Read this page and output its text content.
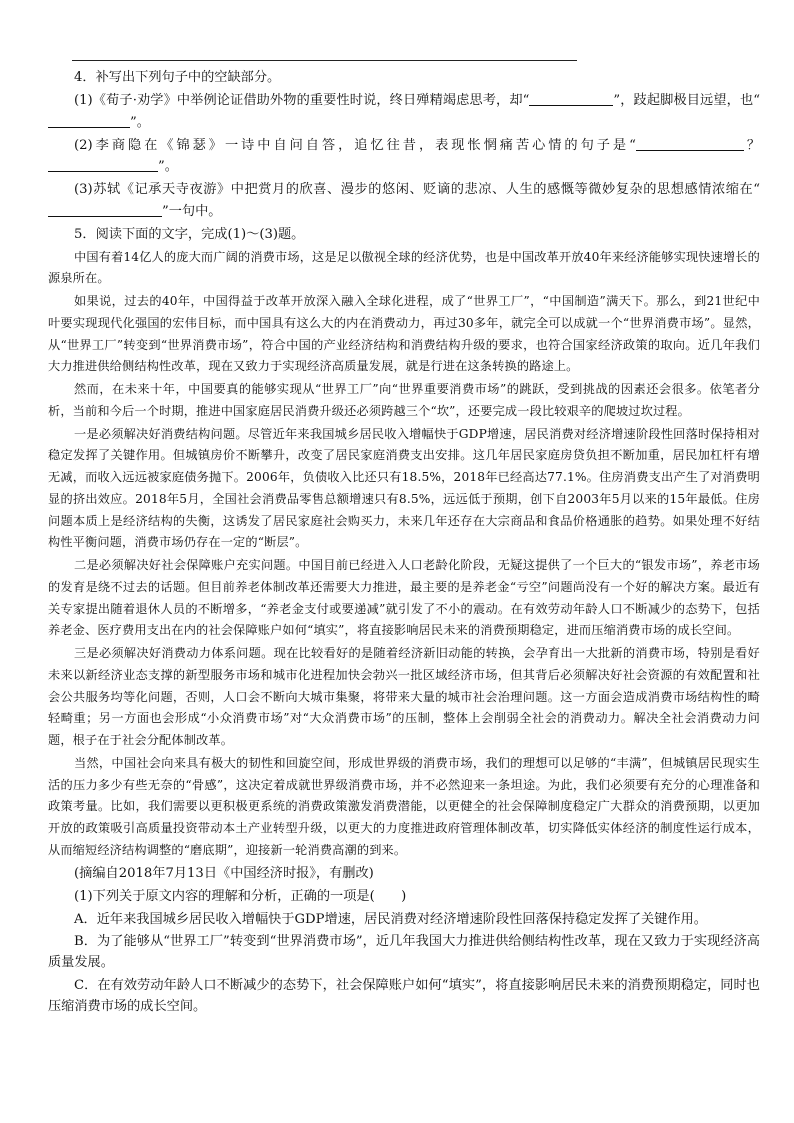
4．补写出下列句子中的空缺部分。

(1)《荀子·劝学》中举例论证借助外物的重要性时说，终日殚精竭虑思考，却“	”，跂起脚极目远望，也“”。

(2)李商隐在《锦瑟》一诗中自问自答，追忆往昔，表现怅惘痛苦心情的句子是“	？”。

(3)苏轼《记承天寺夜游》中把赏月的欣喜、漫步的悠闲、贬谪的悲凉、人生的感慨等微妙复杂的思想感情浓缩在“”一句中。

5．阅读下面的文字，完成(1)～(3)题。

中国有着14亿人的庞大而广阔的消费市场，这是足以傲视全球的经济优势，也是中国改革开放40年来经济能够实现快速增长的源泉所在。

如果说，过去的40年，中国得益于改革开放深入融入全球化进程，成了“世界工厂”，“中国制造”满天下。那么，到21世纪中叶要实现现代化强国的宏伟目标，而中国具有这么大的内在消费动力，再过30多年，就完全可以成就一个“世界消费市场”。显然，从“世界工厂”转变到“世界消费市场”，符合中国的产业经济结构和消费结构升级的要求，也符合国家经济政策的取向。近几年我们大力推进供给侧结构性改革，现在又致力于实现经济高质量发展，就是行进在这条转换的路途上。

然而，在未来十年，中国要真的能够实现从“世界工厂”向“世界重要消费市场”的跳跃，受到挑战的因素还会很多。依笔者分析，当前和今后一个时期，推进中国家庭居民消费升级还必须跨越三个“坎”，还要完成一段比较艰辛的爬坡过坎过程。

一是必须解决好消费结构问题。尽管近年来我国城乡居民收入增幅快于GDP增速，居民消费对经济增速阶段性回落时保持相对稳定发挥了关键作用。但城镇房价不断攀升，改变了居民家庭消费支出安排。这几年居民家庭房贷负担不断加重，居民加杠杆有增无减，而收入远远被家庭债务抛下。2006年，负债收入比还只有18.5%，2018年已经高达77.1%。住房消费支出产生了对消费明显的挤出效应。2018年5月，全国社会消费品零售总额增速只有8.5%，远远低于预期，创下自2003年5月以来的15年最低。住房问题本质上是经济结构的失衡，这诱发了居民家庭社会购买力，未来几年还存在大宗商品和食品价格通胀的趋势。如果处理不好结构性平衡问题，消费市场仍存在一定的“断层”。

二是必须解决好社会保障账户充实问题。中国目前已经进入人口老龄化阶段，无疑这提供了一个巨大的“银发市场”，养老市场的发育是绕不过去的话题。但目前养老体制改革还需要大力推进，最主要的是养老金“亏空”问题尚没有一个好的解决方案。最近有关专家提出随着退休人员的不断增多，“养老金支付或要递减”就引发了不小的震动。在有效劳动年龄人口不断减少的态势下，包括养老金、医疗费用支出在内的社会保障账户如何“填实”，将直接影响居民未来的消费预期稳定，进而压缩消费市场的成长空间。

三是必须解决好消费动力体系问题。现在比较看好的是随着经济新旧动能的转换，会孕育出一大批新的消费市场，特别是看好未来以新经济业态支撑的新型服务市场和城市化进程加快会勃兴一批区域经济市场，但其背后必须解决好社会资源的有效配置和社会公共服务均等化问题，否则，人口会不断向大城市集聚，将带来大量的城市社会治理问题。这一方面会造成消费市场结构性的畸轻畸重；另一方面也会形成“小众消费市场”对“大众消费市场”的压制，整体上会削弱全社会的消费动力。解决全社会消费动力问题，根子在于社会分配体制改革。

当然，中国社会向来具有极大的韧性和回旋空间，形成世界级的消费市场，我们的理想可以足够的“丰满”，但城镇居民现实生活的压力多少有些无奈的“骨感”，这决定着成就世界级消费市场，并不必然迎来一条坦途。为此，我们必须要有充分的心理准备和政策考量。比如，我们需要以更积极更系统的消费政策激发消费潜能，以更健全的社会保障制度稳定广大群众的消费预期，以更加开放的政策吸引高质量投资带动本土产业转型升级，以更大的力度推进政府管理体制改革，切实降低实体经济的制度性运行成本，从而缩短经济结构调整的“磨底期”，迎接新一轮消费高潮的到来。

(摘编自2018年7月13日《中国经济时报》，有删改)

(1)下列关于原文内容的理解和分析，正确的一项是(　　)

A．近年来我国城乡居民收入增幅快于GDP增速，居民消费对经济增速阶段性回落保持稳定发挥了关键作用。

B．为了能够从“世界工厂”转变到“世界消费市场”，近几年我国大力推进供给侧结构性改革，现在又致力于实现经济高质量发展。

C．在有效劳动年龄人口不断减少的态势下，社会保障账户如何“填实”，将直接影响居民未来的消费预期稳定，同时也压缩消费市场的成长空间。
